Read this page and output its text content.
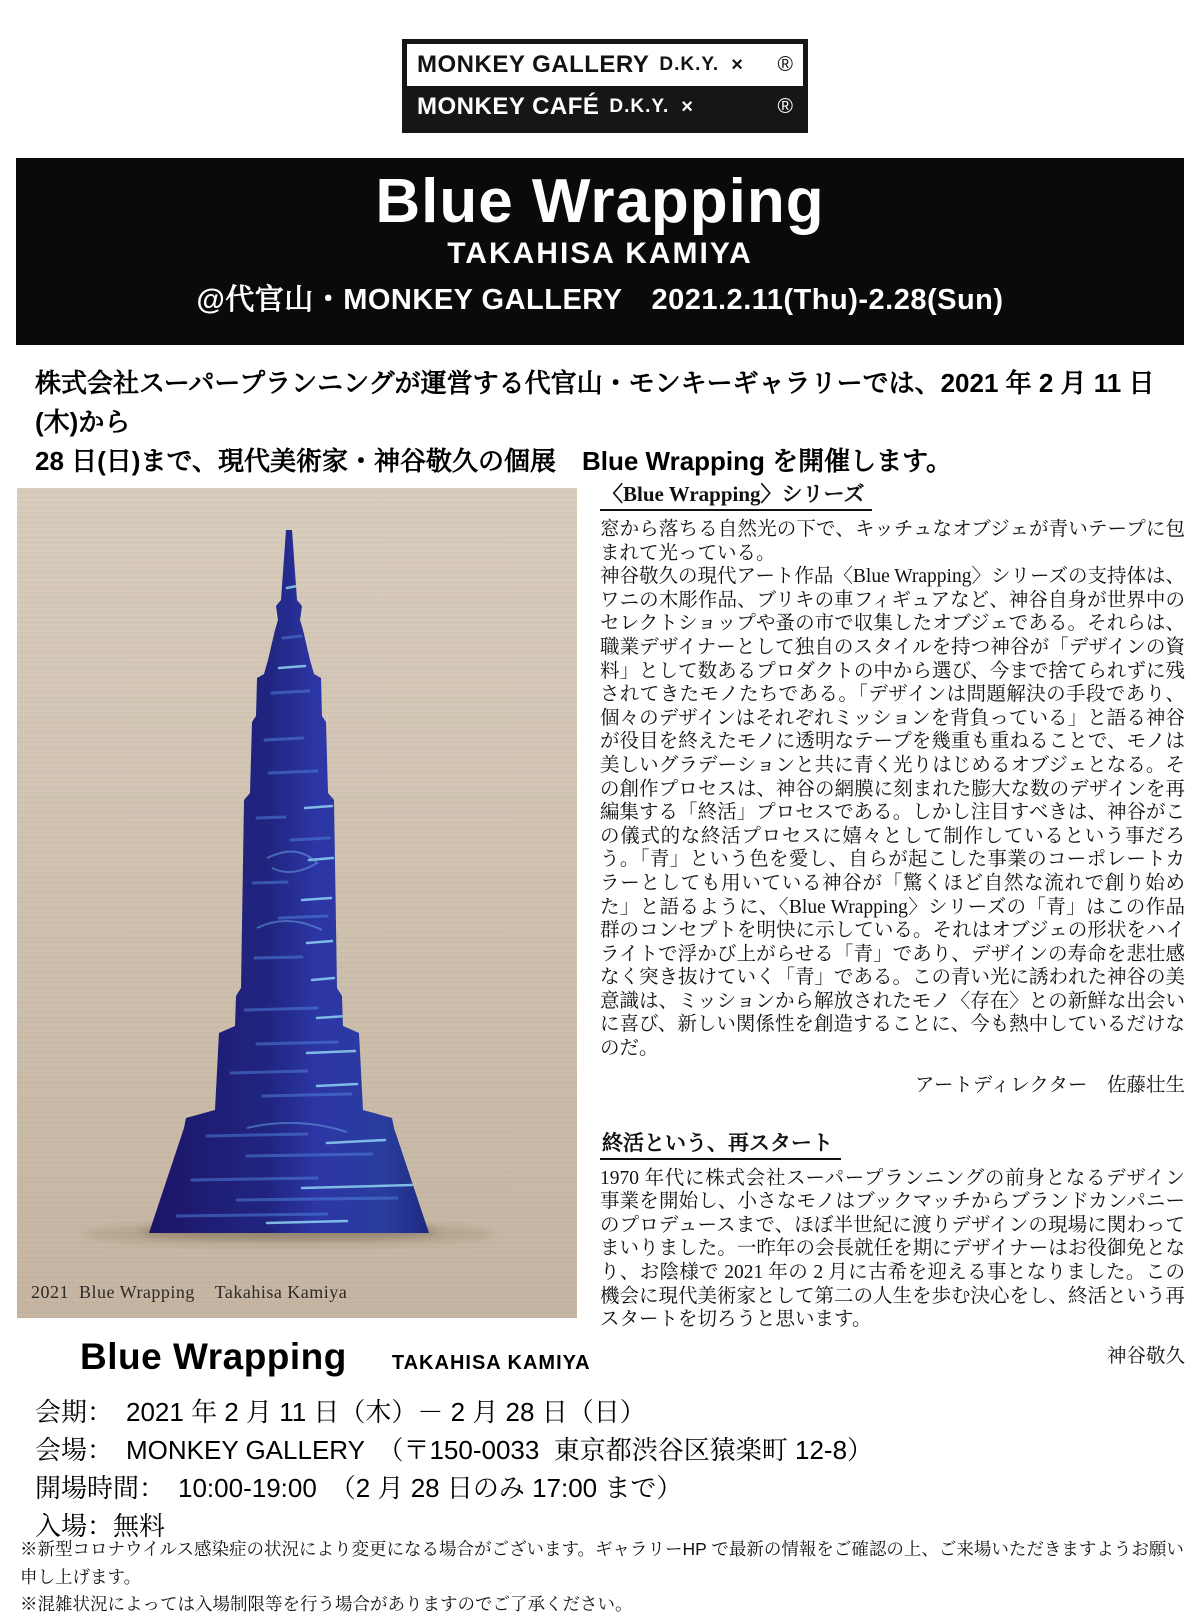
MONKEY GALLERY D.K.Y. × ®
MONKEY CAFÉ D.K.Y. ×	®
Blue Wrapping
TAKAHISA KAMIYA
@代官山・MONKEY GALLERY　2021.2.11(Thu)-2.28(Sun)
株式会社スーパープランニングが運営する代官山・モンキーギャラリーでは、2021 年 2 月 11 日(木)から
28 日(日)まで、現代美術家・神谷敬久の個展　Blue Wrapping を開催します。
2021  Blue Wrapping    Takahisa Kamiya
〈Blue Wrapping〉シリーズ

窓から落ちる自然光の下で、キッチュなオブジェが青いテープに包まれて光っている。

神谷敬久の現代アート作品〈Blue Wrapping〉シリーズの支持体は、ワニの木彫作品、ブリキの車フィギュアなど、神谷自身が世界中のセレクトショップや蚤の市で収集したオブジェである。それらは、職業デザイナーとして独自のスタイルを持つ神谷が「デザインの資料」として数あるプロダクトの中から選び、今まで捨てられずに残されてきたモノたちである。「デザインは問題解決の手段であり、個々のデザインはそれぞれミッションを背負っている」と語る神谷が役目を終えたモノに透明なテープを幾重も重ねることで、モノは美しいグラデーションと共に青く光りはじめるオブジェとなる。その創作プロセスは、神谷の網膜に刻まれた膨大な数のデザインを再編集する「終活」プロセスである。しかし注目すべきは、神谷がこの儀式的な終活プロセスに嬉々として制作しているという事だろう。「青」という色を愛し、自らが起こした事業のコーポレートカラーとしても用いている神谷が「驚くほど自然な流れで創り始めた」と語るように、〈Blue Wrapping〉シリーズの「青」はこの作品群のコンセプトを明快に示している。それはオブジェの形状をハイライトで浮かび上がらせる「青」であり、デザインの寿命を悲壮感なく突き抜けていく「青」である。この青い光に誘われた神谷の美意識は、ミッションから解放されたモノ〈存在〉との新鮮な出会いに喜び、新しい関係性を創造することに、今も熱中しているだけなのだ。

アートディレクター　佐藤壮生
終活という、再スタート

1970 年代に株式会社スーパープランニングの前身となるデザイン事業を開始し、小さなモノはブックマッチからブランドカンパニーのプロデュースまで、ほぼ半世紀に渡りデザインの現場に関わってまいりました。一昨年の会長就任を期にデザイナーはお役御免となり、お陰様で 2021 年の 2 月に古希を迎える事となりました。この機会に現代美術家として第二の人生を歩む決心をし、終活という再スタートを切ろうと思います。

神谷敬久
Blue Wrapping TAKAHISA KAMIYA
会期：　2021 年 2 月 11 日（木）－ 2 月 28 日（日）
会場：　MONKEY GALLERY　（〒150-0033  東京都渋谷区猿楽町 12-8）
開場時間：　10:00-19:00　（2 月 28 日のみ 17:00 まで）
入場：無料
※新型コロナウイルス感染症の状況により変更になる場合がございます。ギャラリーHP で最新の情報をご確認の上、ご来場いただきますようお願い申し上げます。
※混雑状況によっては入場制限等を行う場合がありますのでご了承ください。
